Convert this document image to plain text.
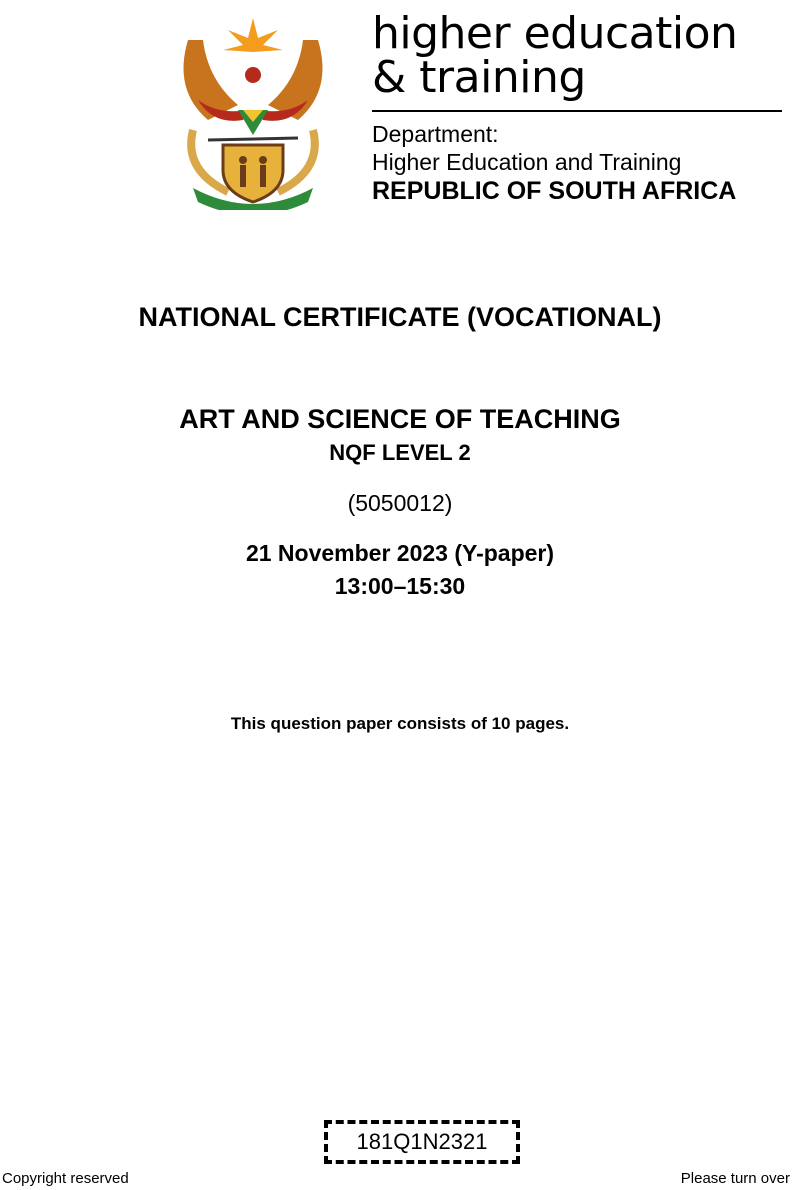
higher education
& training
Department:
Higher Education and Training
REPUBLIC OF SOUTH AFRICA
NATIONAL CERTIFICATE (VOCATIONAL)
ART AND SCIENCE OF TEACHING
NQF LEVEL 2
(5050012)
21 November 2023 (Y-paper)
13:00–15:30
This question paper consists of 10 pages.
181Q1N2321
Copyright reserved	Please turn over
